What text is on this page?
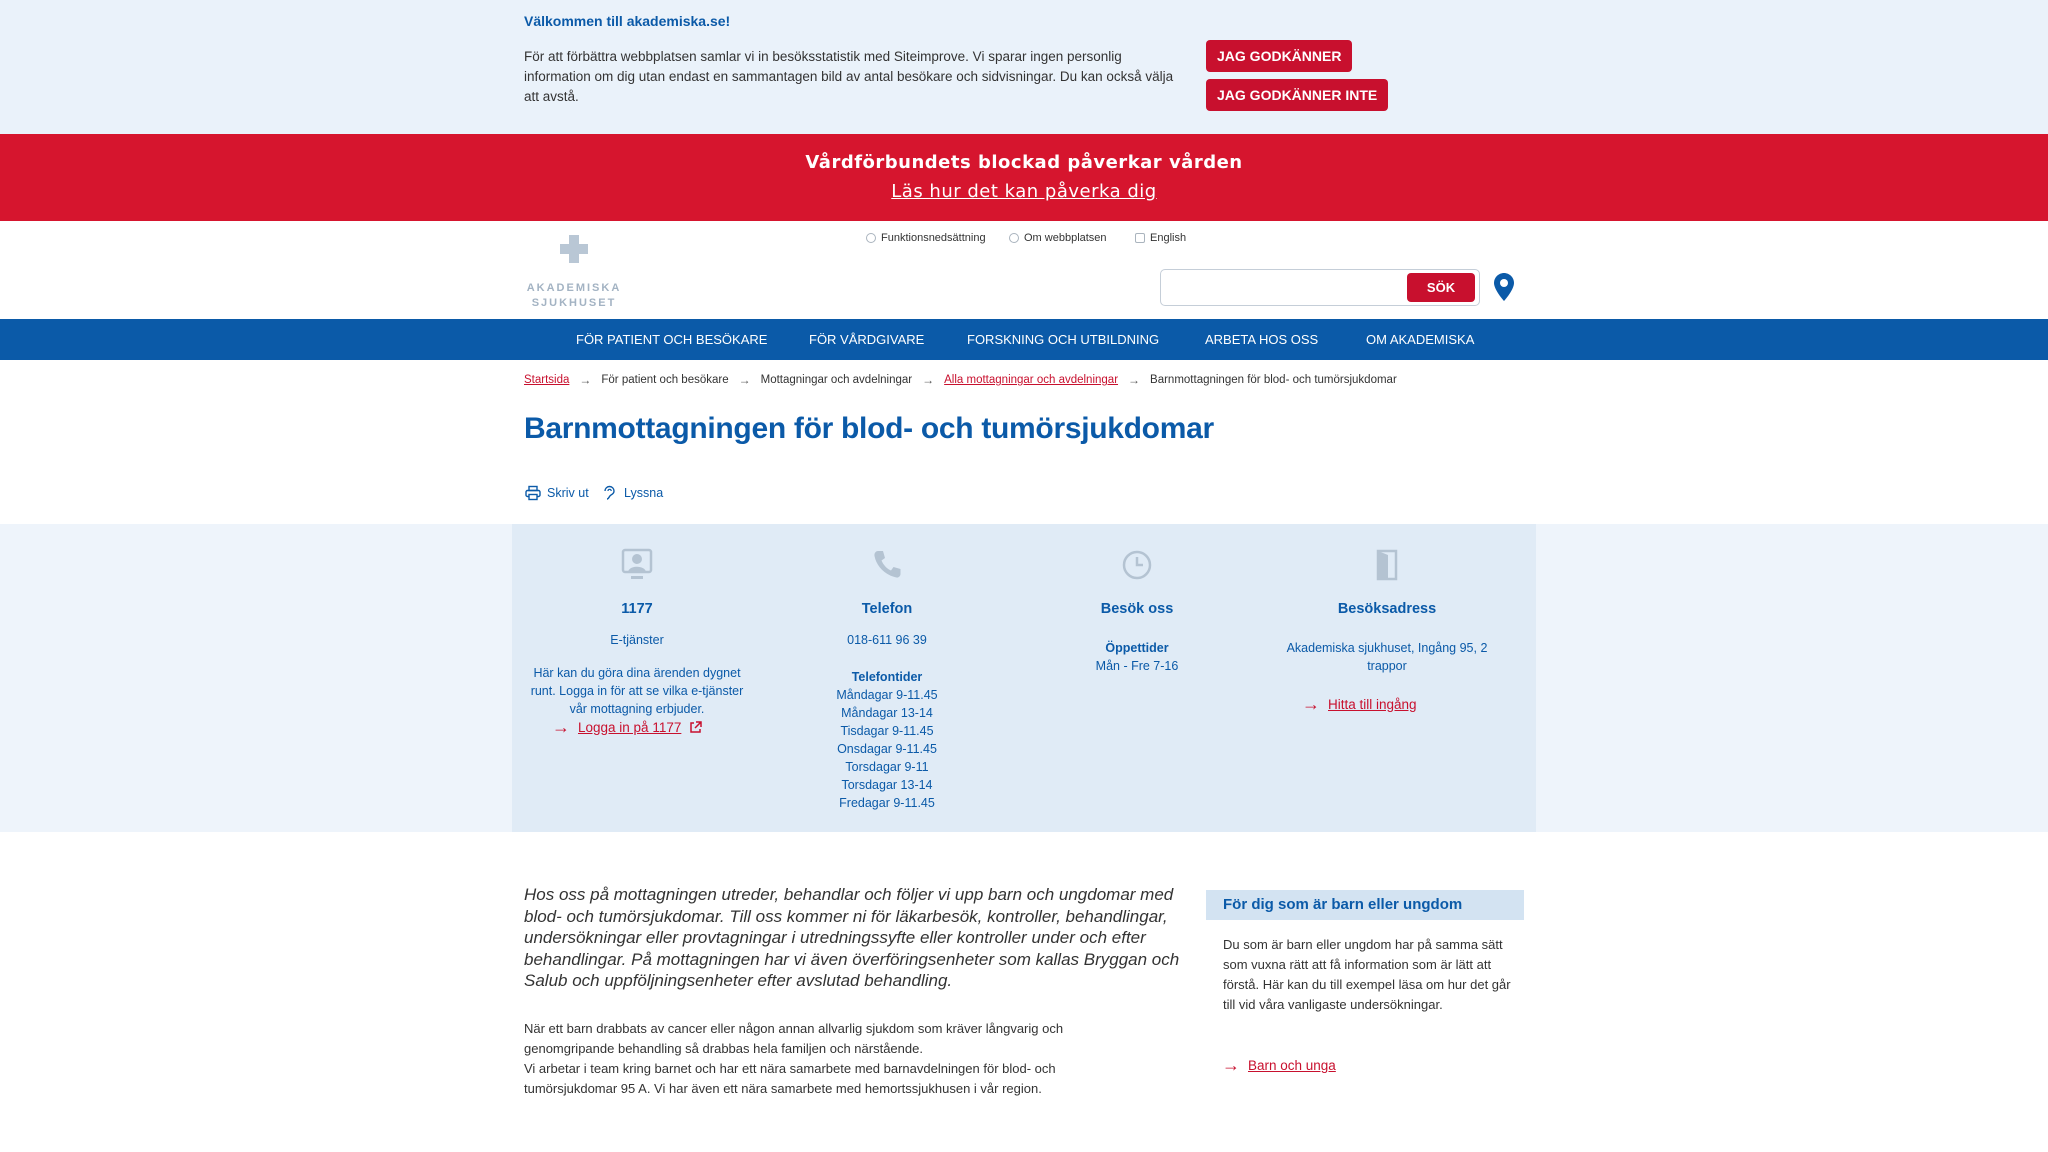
Välkommen till akademiska.se!
För att förbättra webbplatsen samlar vi in besöksstatistik med Siteimprove. Vi sparar ingen personlig information om dig utan endast en sammantagen bild av antal besökare och sidvisningar. Du kan också välja att avstå.
JAG GODKÄNNER
JAG GODKÄNNER INTE
Vårdförbundets blockad påverkar vården
Läs hur det kan påverka dig
AKADEMISKA
SJUKHUSET
Funktionsnedsättning	Om webbplatsen	English
SÖK
FÖR PATIENT OCH BESÖKARE	FÖR VÅRDGIVARE	FORSKNING OCH UTBILDNING	ARBETA HOS OSS	OM AKADEMISKA
Startsida → För patient och besökare → Mottagningar och avdelningar → Alla mottagningar och avdelningar → Barnmottagningen för blod- och tumörsjukdomar
Barnmottagningen för blod- och tumörsjukdomar
Skriv ut	Lyssna
1177
E-tjänster
Här kan du göra dina ärenden dygnet runt. Logga in för att se vilka e-tjänster vår mottagning erbjuder.
→ Logga in på 1177
Telefon
018-611 96 39
Telefontider
Måndagar 9-11.45
Måndagar 13-14
Tisdagar 9-11.45
Onsdagar 9-11.45
Torsdagar 9-11
Torsdagar 13-14
Fredagar 9-11.45
Besök oss
Öppettider
Mån - Fre 7-16
Besöksadress
Akademiska sjukhuset, Ingång 95, 2 trappor
→ Hitta till ingång

Hos oss på mottagningen utreder, behandlar och följer vi upp barn och ungdomar med blod- och tumörsjukdomar. Till oss kommer ni för läkarbesök, kontroller, behandlingar, undersökningar eller provtagningar i utredningssyfte eller kontroller under och efter behandlingar. På mottagningen har vi även överföringsenheter som kallas Bryggan och Salub och uppföljningsenheter efter avslutad behandling.

När ett barn drabbats av cancer eller någon annan allvarlig sjukdom som kräver långvarig och genomgripande behandling så drabbas hela familjen och närstående.

Vi arbetar i team kring barnet och har ett nära samarbete med barnavdelningen för blod- och tumörsjukdomar 95 A. Vi har även ett nära samarbete med hemortssjukhusen i vår region.

För dig som är barn eller ungdom

Du som är barn eller ungdom har på samma sätt som vuxna rätt att få information som är lätt att förstå. Här kan du till exempel läsa om hur det går till vid våra vanligaste undersökningar.

→ Barn och unga
